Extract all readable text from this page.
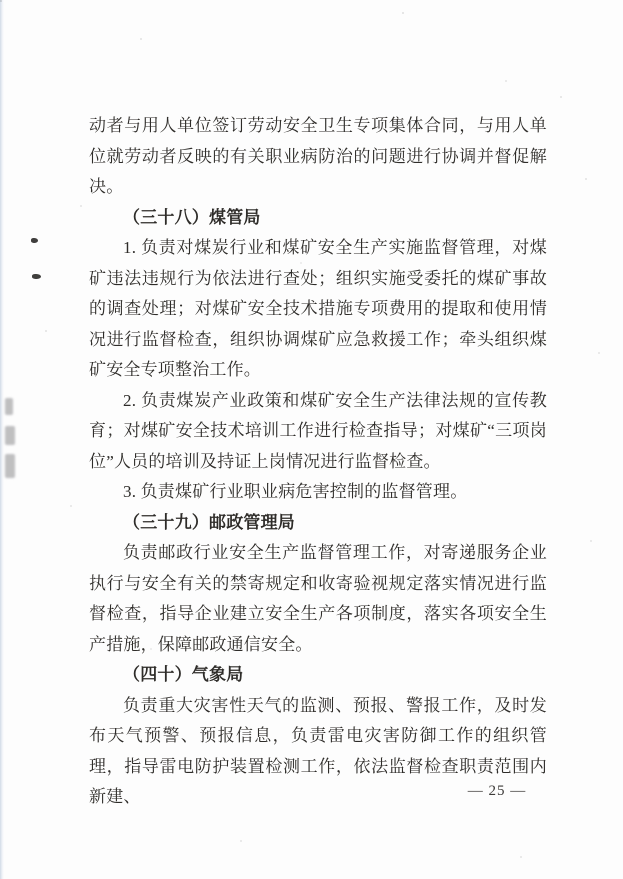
动者与用人单位签订劳动安全卫生专项集体合同，与用人单位就劳动者反映的有关职业病防治的问题进行协调并督促解决。

（三十八）煤管局

1. 负责对煤炭行业和煤矿安全生产实施监督管理，对煤矿违法违规行为依法进行查处；组织实施受委托的煤矿事故的调查处理；对煤矿安全技术措施专项费用的提取和使用情况进行监督检查，组织协调煤矿应急救援工作；牵头组织煤矿安全专项整治工作。

2. 负责煤炭产业政策和煤矿安全生产法律法规的宣传教育；对煤矿安全技术培训工作进行检查指导；对煤矿“三项岗位”人员的培训及持证上岗情况进行监督检查。

3. 负责煤矿行业职业病危害控制的监督管理。

（三十九）邮政管理局

负责邮政行业安全生产监督管理工作，对寄递服务企业执行与安全有关的禁寄规定和收寄验视规定落实情况进行监督检查，指导企业建立安全生产各项制度，落实各项安全生产措施，保障邮政通信安全。

（四十）气象局

负责重大灾害性天气的监测、预报、警报工作，及时发布天气预警、预报信息，负责雷电灾害防御工作的组织管理，指导雷电防护装置检测工作，依法监督检查职责范围内新建、	— 25 —
